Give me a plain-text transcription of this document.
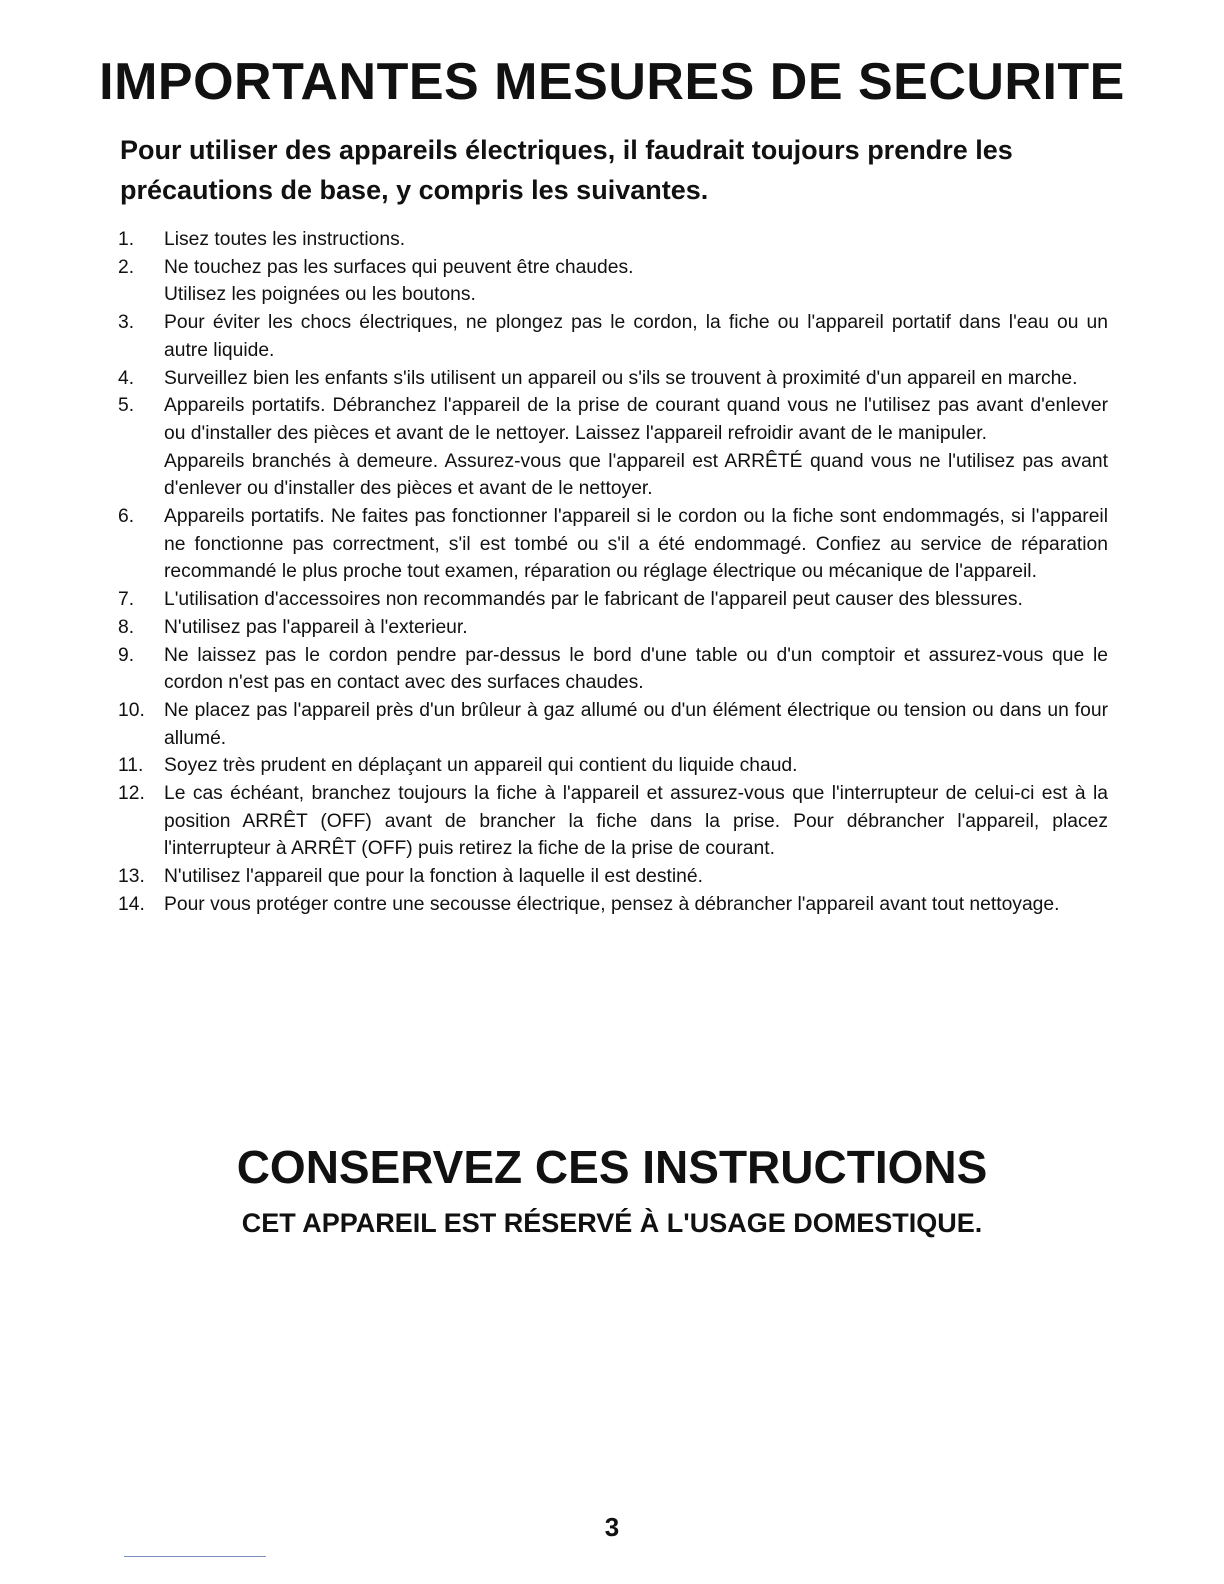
IMPORTANTES MESURES DE SECURITE
Pour utiliser des appareils électriques, il faudrait toujours prendre les précautions de base, y compris les suivantes.
1.	Lisez toutes les instructions.

2.	Ne touchez pas les surfaces qui peuvent être chaudes.

Utilisez les poignées ou les boutons.

3.	Pour éviter les chocs électriques, ne plongez pas le cordon, la fiche ou l'appareil portatif dans l'eau ou un autre liquide.

4.	Surveillez bien les enfants s'ils utilisent un appareil ou s'ils se trouvent à proximité d'un appareil en marche.

5.	Appareils portatifs. Débranchez l'appareil de la prise de courant quand vous ne l'utilisez pas avant d'enlever ou d'installer des pièces et avant de le nettoyer. Laissez l'appareil refroidir avant de le manipuler.

Appareils branchés à demeure. Assurez-vous que l'appareil est ARRÊTÉ quand vous ne l'utilisez pas avant d'enlever ou d'installer des pièces et avant de le nettoyer.

6.	Appareils portatifs. Ne faites pas fonctionner l'appareil si le cordon ou la fiche sont endommagés, si l'appareil ne fonctionne pas correctment, s'il est tombé ou s'il a été endommagé. Confiez au service de réparation recommandé le plus proche tout examen, réparation ou réglage électrique ou mécanique de l'appareil.

7.	L'utilisation d'accessoires non recommandés par le fabricant de l'appareil peut causer des blessures.

8.	N'utilisez pas l'appareil à l'exterieur.

9.	Ne laissez pas le cordon pendre par-dessus le bord d'une table ou d'un comptoir et assurez-vous que le cordon n'est pas en contact avec des surfaces chaudes.

10. Ne placez pas l'appareil près d'un brûleur à gaz allumé ou d'un élément électrique ou tension ou dans un four allumé.

11.	Soyez très prudent en déplaçant un appareil qui contient du liquide chaud.

12. Le cas échéant, branchez toujours la fiche à l'appareil et assurez-vous que l'interrupteur de celui-ci est à la position ARRÊT (OFF) avant de brancher la fiche dans la prise. Pour débrancher l'appareil, placez l'interrupteur à ARRÊT (OFF) puis retirez la fiche de la prise de courant.

13. N'utilisez l'appareil que pour la fonction à laquelle il est destiné.

14. Pour vous protéger contre une secousse électrique, pensez à débrancher l'appareil avant tout nettoyage.

CONSERVEZ CES INSTRUCTIONS
CET APPAREIL EST RÉSERVÉ À L'USAGE DOMESTIQUE.
3
